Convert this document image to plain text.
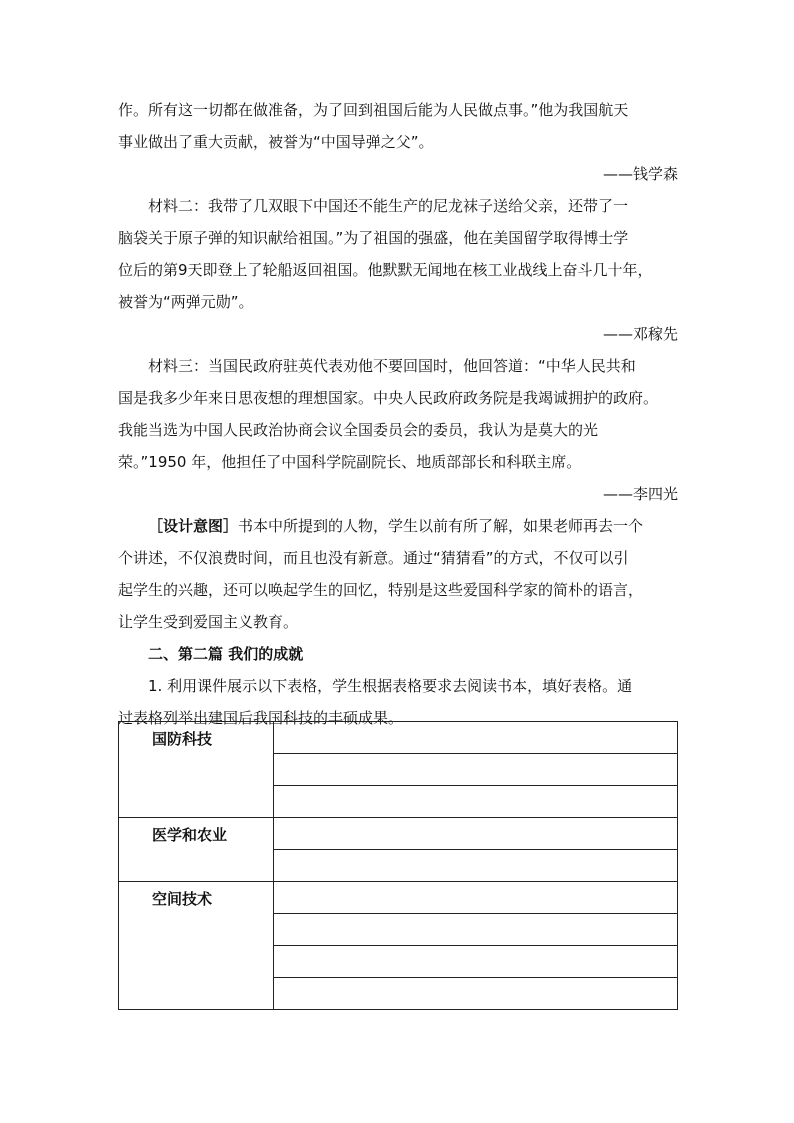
作。所有这一切都在做准备，为了回到祖国后能为人民做点事。”他为我国航天
事业做出了重大贡献，被誉为“中国导弹之父”。
——钱学森
材料二：我带了几双眼下中国还不能生产的尼龙袜子送给父亲，还带了一
脑袋关于原子弹的知识献给祖国。”为了祖国的强盛，他在美国留学取得博士学
位后的第9天即登上了轮船返回祖国。他默默无闻地在核工业战线上奋斗几十年，
被誉为“两弹元勋”。
——邓稼先
材料三：当国民政府驻英代表劝他不要回国时，他回答道：“中华人民共和
国是我多少年来日思夜想的理想国家。中央人民政府政务院是我竭诚拥护的政府。
我能当选为中国人民政治协商会议全国委员会的委员，我认为是莫大的光
荣。”1950 年，他担任了中国科学院副院长、地质部部长和科联主席。
——李四光
［设计意图］书本中所提到的人物，学生以前有所了解，如果老师再去一个
个讲述，不仅浪费时间，而且也没有新意。通过“猜猜看”的方式，不仅可以引
起学生的兴趣，还可以唤起学生的回忆，特别是这些爱国科学家的简朴的语言，
让学生受到爱国主义教育。
二、第二篇 我们的成就
1. 利用课件展示以下表格，学生根据表格要求去阅读书本，填好表格。通
过表格列举出建国后我国科技的丰硕成果。
国防科技	

医学和农业	

空间技术	
